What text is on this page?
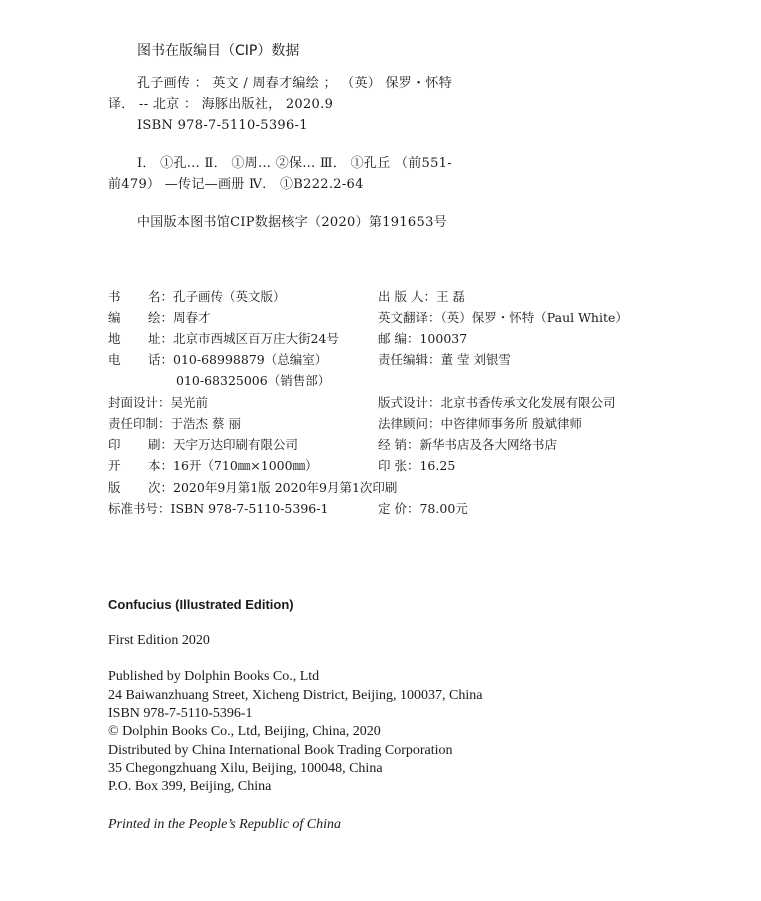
图书在版编目（CIP）数据
孔子画传 ： 英文 / 周春才编绘 ； （英） 保罗・怀特
译． -- 北京 ： 海豚出版社， 2020.9
ISBN 978-7-5110-5396-1
Ⅰ． ①孔… Ⅱ． ①周… ②保… Ⅲ． ①孔丘 （前551-
前479） —传记—画册 Ⅳ． ①B222.2-64
中国版本图书馆CIP数据核字（2020）第191653号
书 名：孔子画传（英文版）
编 绘：周春才
地 址：北京市西城区百万庄大街24号
电 话：010-68998879（总编室）
010-68325006（销售部）
封面设计：吴光前
责任印制：于浩杰 蔡 丽
印 刷：天宇万达印刷有限公司
开 本：16开（710㎜×1000㎜）
版 次：2020年9月第1版 2020年9月第1次印刷
标准书号：ISBN 978-7-5110-5396-1
出 版 人：王 磊
英文翻译：（英）保罗・怀特（Paul White）
邮 编：100037
责任编辑：董 莹 刘银雪
版式设计：北京书香传承文化发展有限公司
法律顾问：中咨律师事务所 殷斌律师
经 销：新华书店及各大网络书店
印 张：16.25
定 价：78.00元
Confucius (Illustrated Edition)
First Edition 2020
Published by Dolphin Books Co., Ltd
24 Baiwanzhuang Street, Xicheng District, Beijing, 100037, China
ISBN 978-7-5110-5396-1
© Dolphin Books Co., Ltd, Beijing, China, 2020
Distributed by China International Book Trading Corporation
35 Chegongzhuang Xilu, Beijing, 100048, China
P.O. Box 399, Beijing, China
Printed in the People’s Republic of China
